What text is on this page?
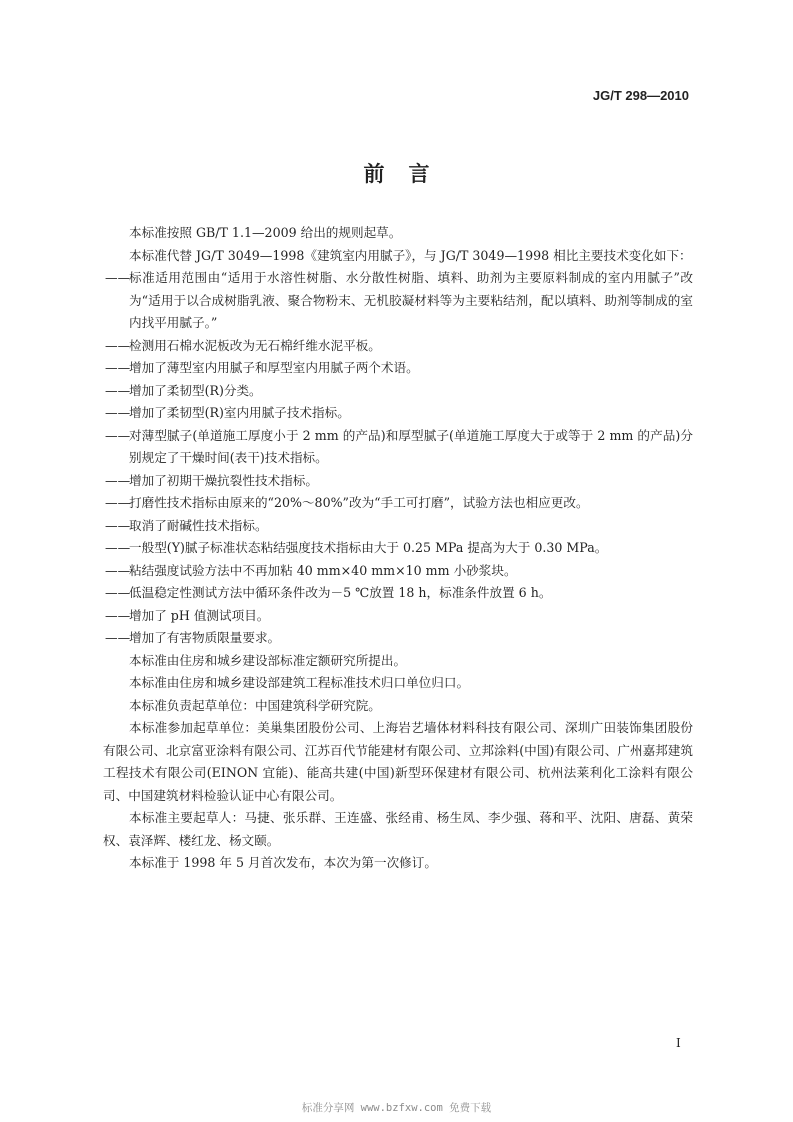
JG/T 298—2010
前言

本标准按照 GB/T 1.1—2009 给出的规则起草。

本标准代替 JG/T 3049—1998《建筑室内用腻子》，与 JG/T 3049—1998 相比主要技术变化如下：

——
标准适用范围由“适用于水溶性树脂、水分散性树脂、填料、助剂为主要原料制成的室内用腻子”改为“适用于以合成树脂乳液、聚合物粉末、无机胶凝材料等为主要粘结剂，配以填料、助剂等制成的室内找平用腻子。”

——
检测用石棉水泥板改为无石棉纤维水泥平板。

——
增加了薄型室内用腻子和厚型室内用腻子两个术语。

——
增加了柔韧型(R)分类。

——
增加了柔韧型(R)室内用腻子技术指标。

——
对薄型腻子(单道施工厚度小于 2 mm 的产品)和厚型腻子(单道施工厚度大于或等于 2 mm 的产品)分别规定了干燥时间(表干)技术指标。

——
增加了初期干燥抗裂性技术指标。

——
打磨性技术指标由原来的“20%～80%”改为“手工可打磨”，试验方法也相应更改。

——
取消了耐碱性技术指标。

——
一般型(Y)腻子标准状态粘结强度技术指标由大于 0.25 MPa 提高为大于 0.30 MPa。

——
粘结强度试验方法中不再加粘 40 mm×40 mm×10 mm 小砂浆块。

——
低温稳定性测试方法中循环条件改为－5 ℃放置 18 h，标准条件放置 6 h。

——
增加了 pH 值测试项目。

——
增加了有害物质限量要求。

本标准由住房和城乡建设部标准定额研究所提出。

本标准由住房和城乡建设部建筑工程标准技术归口单位归口。

本标准负责起草单位：中国建筑科学研究院。

本标准参加起草单位：美巢集团股份公司、上海岩艺墙体材料科技有限公司、深圳广田装饰集团股份有限公司、北京富亚涂料有限公司、江苏百代节能建材有限公司、立邦涂料(中国)有限公司、广州嘉邦建筑工程技术有限公司(EINON 宜能)、能高共建(中国)新型环保建材有限公司、杭州法莱利化工涂料有限公司、中国建筑材料检验认证中心有限公司。

本标准主要起草人：马捷、张乐群、王连盛、张经甫、杨生凤、李少强、蒋和平、沈阳、唐磊、黄荣权、袁泽辉、楼红龙、杨文颐。

本标准于 1998 年 5 月首次发布，本次为第一次修订。

I
标准分享网 www.bzfxw.com 免费下载
